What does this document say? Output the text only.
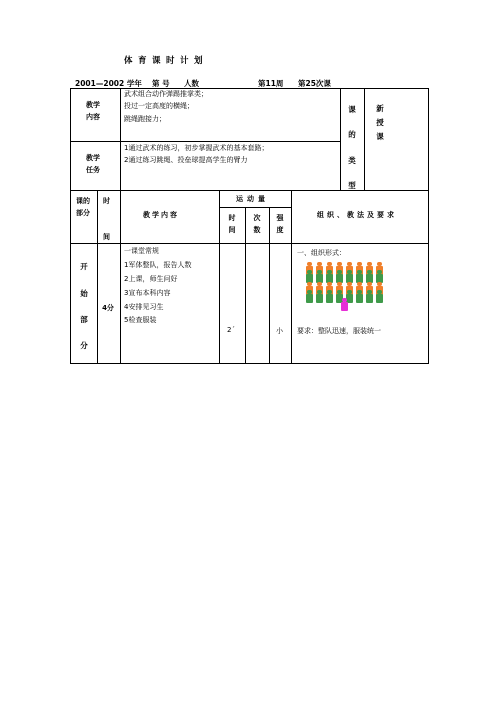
体育课时计划
2001—2002 学年 第 号 人数	第11周 第25次课
教学
内容
武术组合动作弹踢推掌类；
投过一定高度的横绳；
跳绳跑接力；
教学
任务
1通过武术的练习，初步掌握武术的基本套路；
2通过练习跳绳、投垒球提高学生的臂力
课
的
类
型
新
授
课
课的
部分
时
间
教学内容
运动量
时间
次数
强度
组织、教法及要求
开
始
部
分
4分
一课堂常规
1军体整队，报告人数
2上课，师生问好
3宣布本科内容
4安排见习生
5检查服装
2ˊ	小
一、组织形式：
要求：整队迅速，服装统一
